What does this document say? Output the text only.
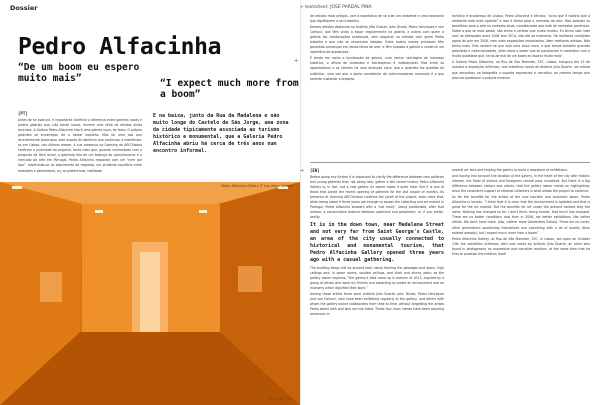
Dossier	+ texto/text: JOSÉ PARDAL PINA
+
+
Pedro Alfacinha
“De um boom eu espero muito mais”	“I expect much more from a boom”
[PT]

Antes de se avançar, é importante clarificar a diferença entre galerias novas e jovens galerias que, não sendo novas, reúnem uma série de artistas ainda recentes. A Galeria Pedro Alfacinha não é uma galeria nova, de facto. O próprio galerista se encarregou de o deixar explícito. Mas foi uma das que recentemente preocupou este impeto de abertura que continuou a manifestar-se em Lisboa, nos últimos meses. A sua presença na Opening da ARCOlisboa confirma a juventude do projecto, tanto mais que, quando confrontado com a pergunta da feira anual, o galerista fala de um balanço do coleccionismo e o mercado da arte em Portugal. Pedro Alfacinha responde com um “nem por isso”, advertindo-se no seguimento da resposta, um prudente equilíbrio entre ambições e pessimismo, ou, se preferirmos, realidade.

É na baixa, junto da Rua da Madalena e não muito longe do Castelo de São Jorge, uma zona da cidade tipicamente associada ao turismo histórico e monumental, que a Galeria Pedro Alfacinha abriu há cerca de três anos num encontro informal.
Pedro Alfacinha Gallery © Luis Serra Gallery
contEXt 081

de artistas mais antigos, com a expetativa de se criar um ambiente e uma economia que dignifiquem o seu trabalho.

Desses artistas destacam-se António Júlio Duarte, John Divola, Pedro Henriques e von Calhau!, que têm vindo a expor regularmente na galeria, e outros com quem a galeria fez colaborações ocasionais, sem esquecer os artistas com quem Pedro trabalha e que não se encontram listados. Estes quatro nomes principais têm garantido presenças em várias feiras de arte, e têm ajudado a galeria a construir um repertório de exposições.

É tendo em conta a localização da galeria, num centro nevrálgico de interesse histórico, o afluxo de visitantes e estrangeiros é indisfarçável. Mas entre os espectadores e os clientes há uma distinção clara, que o galerista faz questão de sublinhar, uma vez que o apoio consistente de coleccionadores nacionais é o que permite sustentar o projecto.

turístico e económico de Lisboa, Pedro Alfacinha é técnico: “acho que é notório que o ambiente está mais agitado” e isso é ótimo para o mercado da arte. Mas assinala as benefícios para a arte no contexto atual, considerando que está de contextos genéricos. Sobre o que se mais passa, não tenho a certeza que muito mudou. Eu tenho sido mais real: as alterações entre 2006 tem 2014, não até ao momento. Há melhores condições agora do que em 2006, nem mais exposições importantes. Nem melhores artistas. Não tenho mais. Eles sentem se que seja uma coisa nova, e que temos também grandes galeristas e coleccionadores, aliás como o poder que se posicionam e coexistem com a muita qualidade que, se há-de mal de um boom eu espero muito mais”.

A Galeria Pedro Alfacinha, na Rua de São Mamede, 25C, Lisboa, inaugura dia 13 de outubro a exposição Arithmos, com trabalhos novos de António Júlio Duarte, um artista que encontrou na fotografia o suporte expressivo e narrativo, ao mesmo tempo que procura questionar o próprio medium.

[EN]

Before going any further it is important to clarify the difference between new galleries and young galleries that, not being new, gather a still recent history. Pedro Alfacinha Gallery is, in fact, not a new gallery. Its owner made it quite clear. But it is one of those that joined the recent opening of galleries for the last couple of months. Its presence at Opening ARCOLisboa confirms the youth of the project, even more that, when being asked if three years are enough to assess the collecting and art market in Portugal, Pedro Alfacinha answers with a “not really”, being predictable, after that answer, a conservative balance between optimism and pessimism, or, if you prefer, reality.

It is in the down town, near Madalena Street and not very far from Saint George's Castle, an area of the city usually connected to historical and monumental tourism, that Pedro Alfacinha Gallery opened three years ago with a casual gathering.

The building keeps still its ancient look: stone framing the passages and doors, high ceilings and, in some rooms, vaulted ceilings, and thick and sturdy walls; as the gallery owner explains, “the gallery's idea came up in autumn of 2013, inspired by a group of artists who were my friends and expecting to create an environment and an economy which dignified their work.”

Among these artists there were António Júlio Duarte, John Divola, Pedro Henriques and von Calhau!, who have been exhibiting regularly at the gallery, and others with whom the gallery owner collaborates from time to time, without forgetting the artists Pedro works with and who are not listed. These four main names have been assuring presences in

several art fairs and helping the gallery to build a repertoire of exhibitions.

And having into account the location of the gallery, in the heart of the city with historic interest, the flood of visitors and foreigners cannot pass unnoticed. But there is a big difference between visitors and clients, that the gallery owner insists on highlighting, since the consistent support of national collectors is what allows the project to continue.

As for the benefits for the artists of the new touristic and economic boom, Pedro Alfacinha is laconic: “I think that it is clear that the environment is agitated and that is great for the art market. But the benefits for art under the present context stay the same. Nothing has changed so far. I don't think, being honest, that much has changed. There are no better conditions now than in 2006, nor better exhibitions. Nor better artists. We don't have more. Also, neither more Alexandres Estrela. There are no cover, other generations positioning themselves and coexisting with a lot of quality (they existed already), but I expect much more from a boom”.

Pedro Alfacinha Gallery, at Rua de São Mamede, 25C, in Lisbon, will open on October 13th the exhibition Arithmos, with new works by António Júlio Duarte, an artist who found in photography an expressive and narrative medium, at the same time that he tries to question the medium itself.
